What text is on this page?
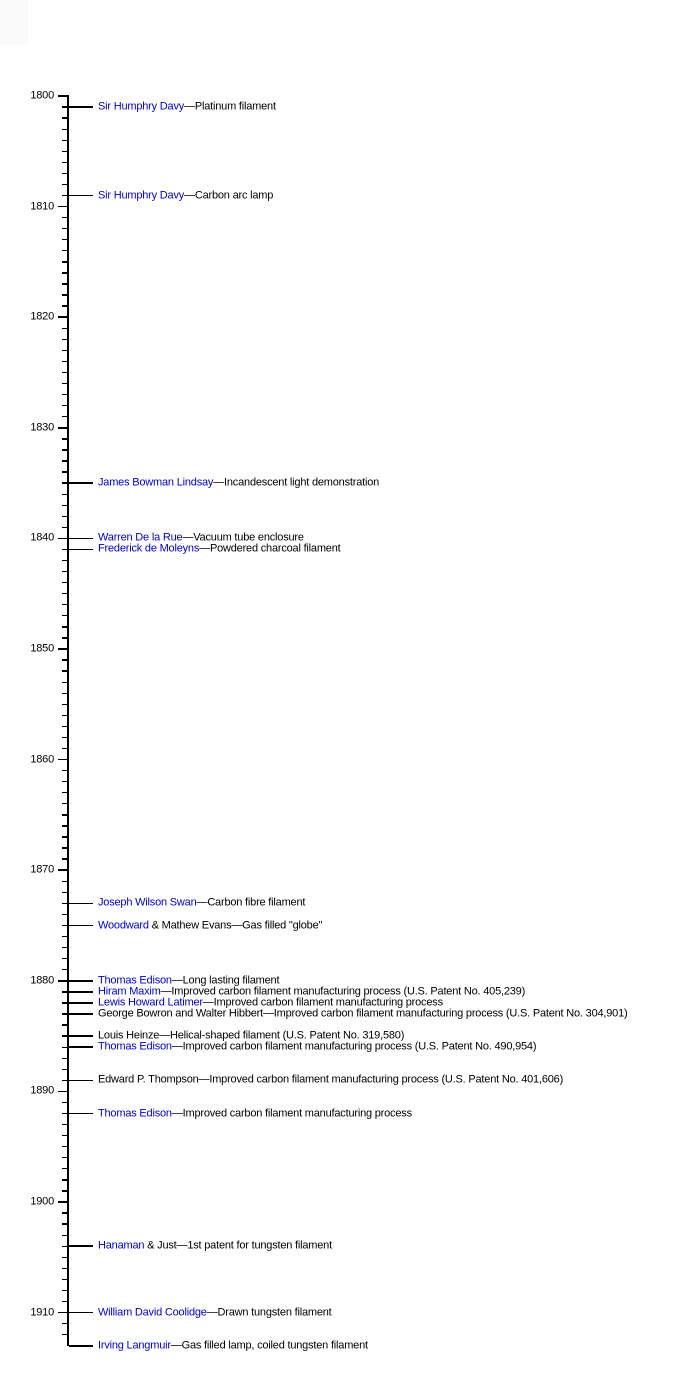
1800
1810
1820
1830
1840
1850
1860
1870
1880
1890
1900
1910
Sir Humphry Davy—Platinum filament
Sir Humphry Davy—Carbon arc lamp
James Bowman Lindsay—Incandescent light demonstration
Warren De la Rue—Vacuum tube enclosure
Frederick de Moleyns—Powdered charcoal filament
Joseph Wilson Swan—Carbon fibre filament
Woodward & Mathew Evans—Gas filled "globe"
Thomas Edison—Long lasting filament
Hiram Maxim—Improved carbon filament manufacturing process (U.S. Patent No. 405,239)
Lewis Howard Latimer—Improved carbon filament manufacturing process
George Bowron and Walter Hibbert—Improved carbon filament manufacturing process (U.S. Patent No. 304,901)
Louis Heinze—Helical-shaped filament (U.S. Patent No. 319,580)
Thomas Edison—Improved carbon filament manufacturing process (U.S. Patent No. 490,954)
Edward P. Thompson—Improved carbon filament manufacturing process (U.S. Patent No. 401,606)
Thomas Edison—Improved carbon filament manufacturing process
Hanaman & Just—1st patent for tungsten filament
William David Coolidge—Drawn tungsten filament
Irving Langmuir—Gas filled lamp, coiled tungsten filament
